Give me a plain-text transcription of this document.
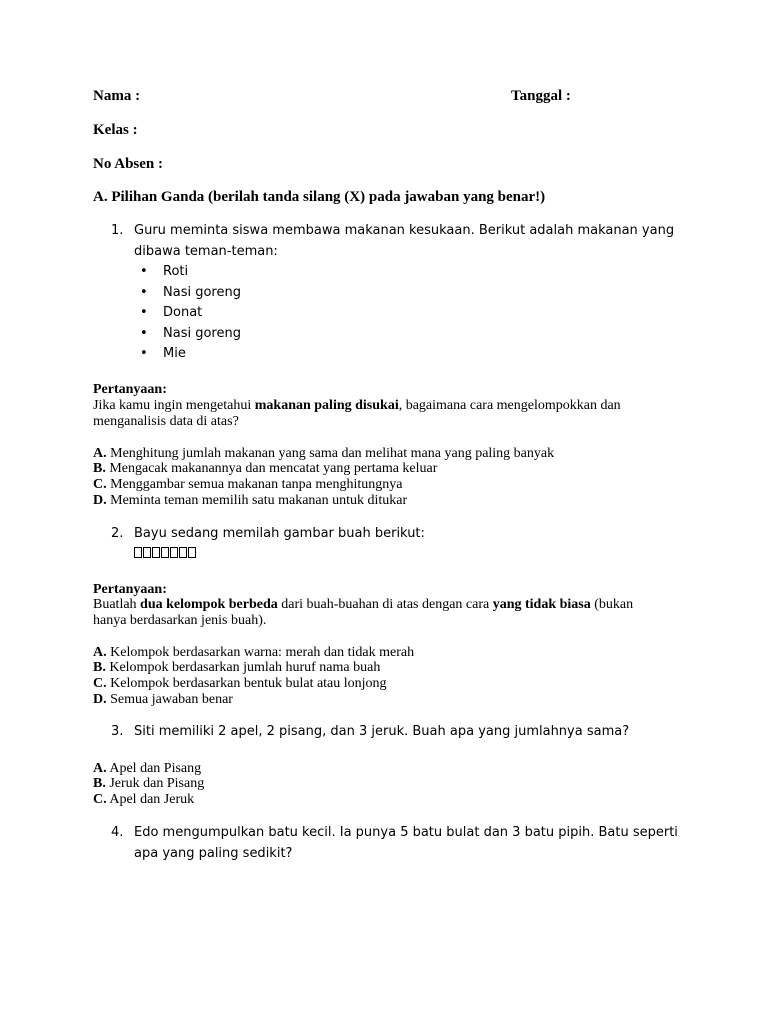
Nama :	Tanggal :
Kelas :
No Absen :
A. Pilihan Ganda (berilah tanda silang (X) pada jawaban yang benar!)
1. Guru meminta siswa membawa makanan kesukaan. Berikut adalah makanan yang
dibawa teman-teman:
• Roti
• Nasi goreng
• Donat
• Nasi goreng
• Mie
Pertanyaan:
Jika kamu ingin mengetahui makanan paling disukai, bagaimana cara mengelompokkan dan
menganalisis data di atas?
A. Menghitung jumlah makanan yang sama dan melihat mana yang paling banyak
B. Mengacak makanannya dan mencatat yang pertama keluar
C. Menggambar semua makanan tanpa menghitungnya
D. Meminta teman memilih satu makanan untuk ditukar
2. Bayu sedang memilah gambar buah berikut:
Pertanyaan:
Buatlah dua kelompok berbeda dari buah-buahan di atas dengan cara yang tidak biasa (bukan
hanya berdasarkan jenis buah).
A. Kelompok berdasarkan warna: merah dan tidak merah
B. Kelompok berdasarkan jumlah huruf nama buah
C. Kelompok berdasarkan bentuk bulat atau lonjong
D. Semua jawaban benar
3. Siti memiliki 2 apel, 2 pisang, dan 3 jeruk. Buah apa yang jumlahnya sama?
A. Apel dan Pisang
B. Jeruk dan Pisang
C. Apel dan Jeruk
4. Edo mengumpulkan batu kecil. Ia punya 5 batu bulat dan 3 batu pipih. Batu seperti
apa yang paling sedikit?
